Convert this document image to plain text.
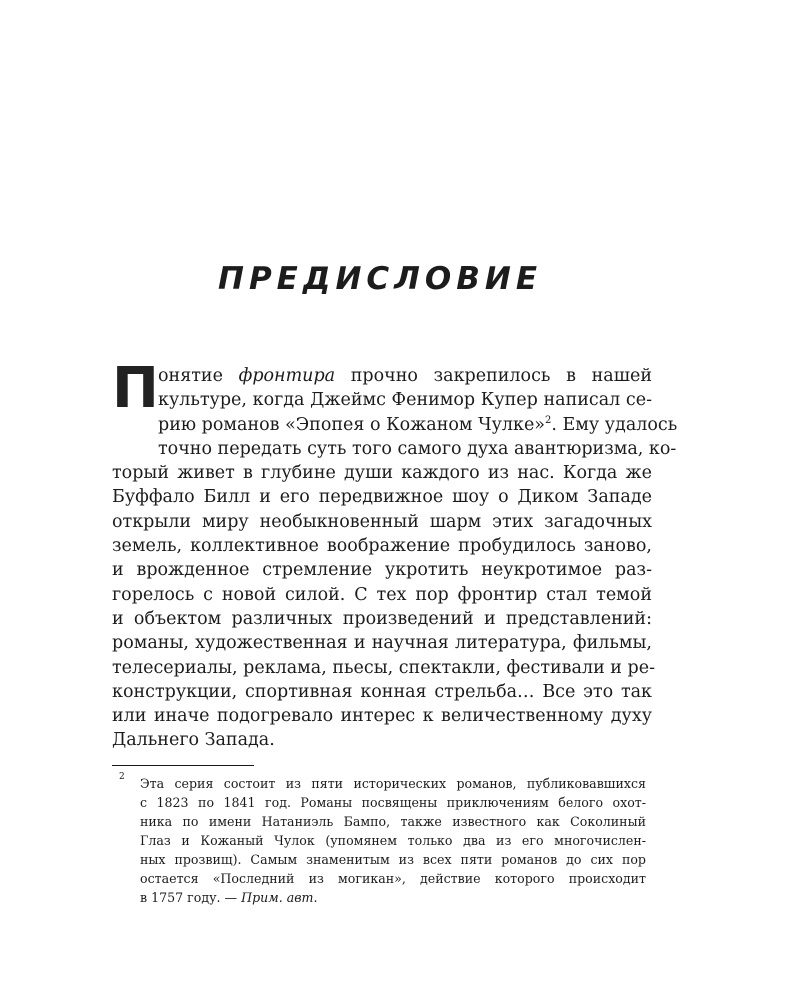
ПРЕДИСЛОВИЕ
П онятие фронтира прочно закрепилось в нашей
культуре, когда Джеймс Фенимор Купер написал се-
рию романов «Эпопея о Кожаном Чулке»$^2$. Ему удалось
точно передать суть того самого духа авантюризма, ко-
торый живет в глубине души каждого из нас. Когда же
Буффало Билл и его передвижное шоу о Диком Западе
открыли миру необыкновенный шарм этих загадочных
земель, коллективное воображение пробудилось заново,
и врожденное стремление укротить неукротимое раз-
горелось с новой силой. С тех пор фронтир стал темой
и объектом различных произведений и представлений:
романы, художественная и научная литература, фильмы,
телесериалы, реклама, пьесы, спектакли, фестивали и ре-
конструкции, спортивная конная стрельба… Все это так
или иначе подогревало интерес к величественному духу
Дальнего Запада.
2 Эта серия состоит из пяти исторических романов, публиковавшихся
с 1823 по 1841 год. Романы посвящены приключениям белого охот-
ника по имени Натаниэль Бампо, также известного как Соколиный
Глаз и Кожаный Чулок (упомянем только два из его многочислен-
ных прозвищ). Самым знаменитым из всех пяти романов до сих пор
остается «Последний из могикан», действие которого происходит
в 1757 году. — Прим. авт.
